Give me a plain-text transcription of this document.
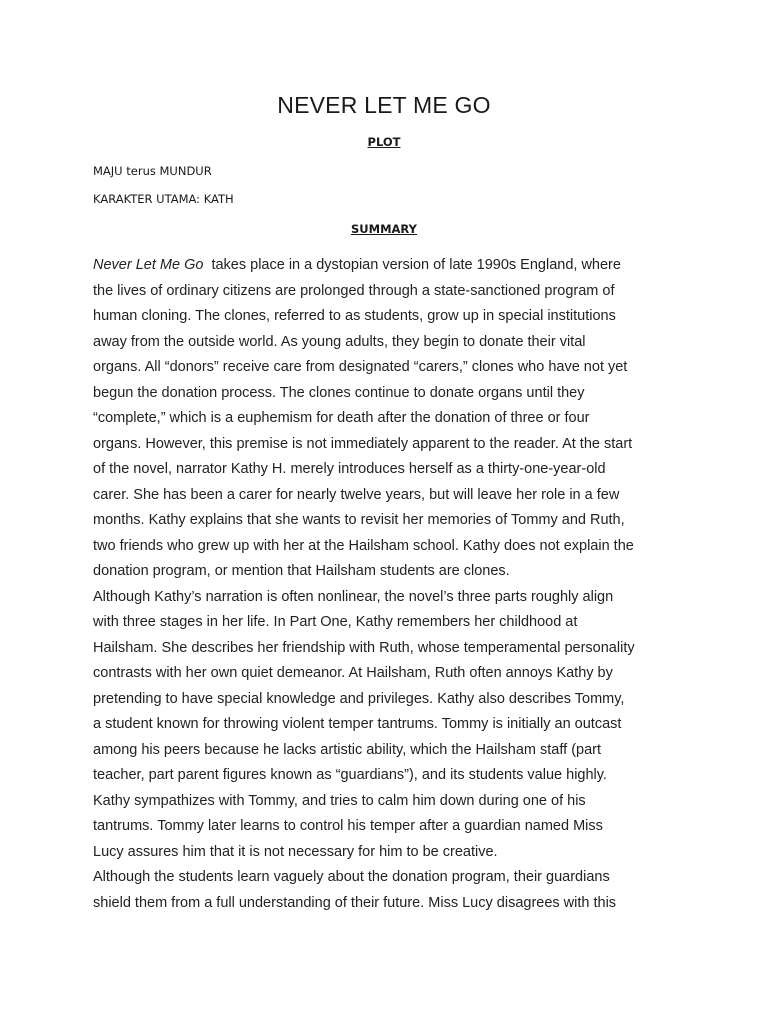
NEVER LET ME GO
PLOT
MAJU terus MUNDUR
KARAKTER UTAMA: KATH
SUMMARY
Never Let Me Go takes place in a dystopian version of late 1990s England, where
the lives of ordinary citizens are prolonged through a state-sanctioned program of
human cloning. The clones, referred to as students, grow up in special institutions
away from the outside world. As young adults, they begin to donate their vital
organs. All “donors” receive care from designated “carers,” clones who have not yet
begun the donation process. The clones continue to donate organs until they
“complete,” which is a euphemism for death after the donation of three or four
organs. However, this premise is not immediately apparent to the reader. At the start
of the novel, narrator Kathy H. merely introduces herself as a thirty-one-year-old
carer. She has been a carer for nearly twelve years, but will leave her role in a few
months. Kathy explains that she wants to revisit her memories of Tommy and Ruth,
two friends who grew up with her at the Hailsham school. Kathy does not explain the
donation program, or mention that Hailsham students are clones.
Although Kathy’s narration is often nonlinear, the novel’s three parts roughly align
with three stages in her life. In Part One, Kathy remembers her childhood at
Hailsham. She describes her friendship with Ruth, whose temperamental personality
contrasts with her own quiet demeanor. At Hailsham, Ruth often annoys Kathy by
pretending to have special knowledge and privileges. Kathy also describes Tommy,
a student known for throwing violent temper tantrums. Tommy is initially an outcast
among his peers because he lacks artistic ability, which the Hailsham staff (part
teacher, part parent figures known as “guardians”), and its students value highly.
Kathy sympathizes with Tommy, and tries to calm him down during one of his
tantrums. Tommy later learns to control his temper after a guardian named Miss
Lucy assures him that it is not necessary for him to be creative.
Although the students learn vaguely about the donation program, their guardians
shield them from a full understanding of their future. Miss Lucy disagrees with this
